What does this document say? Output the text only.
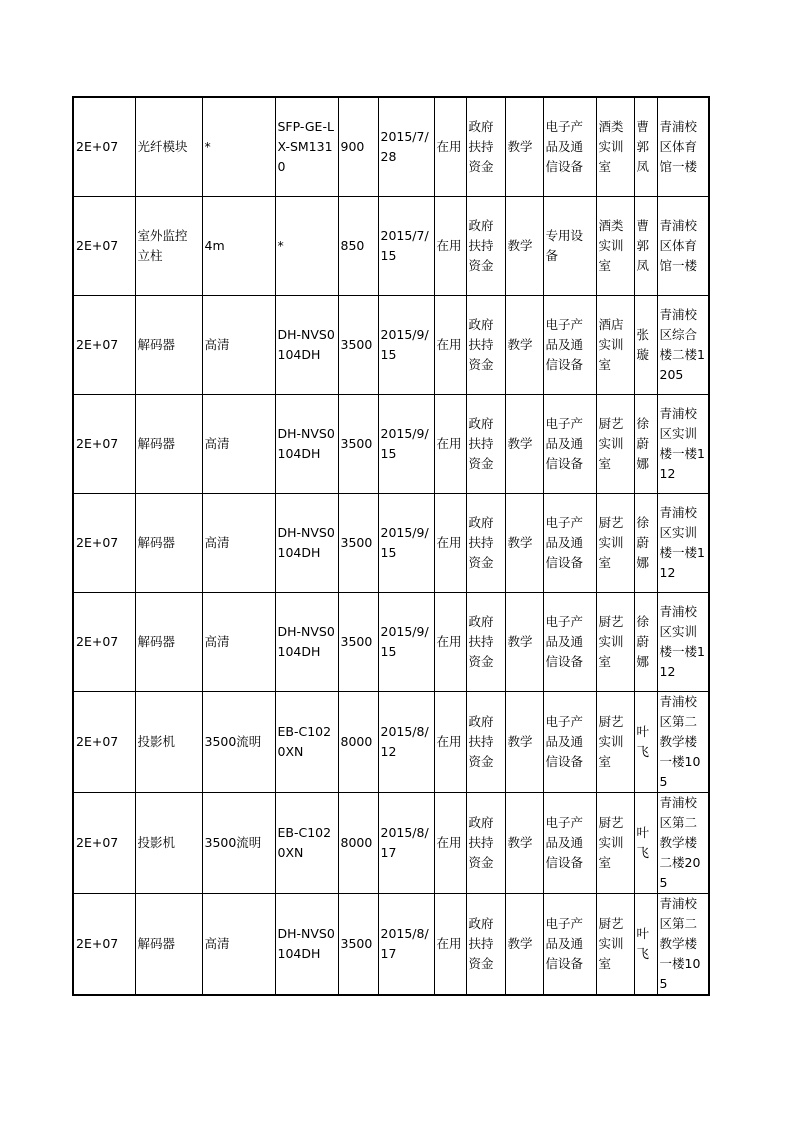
2E+07	光纤模块	*	SFP-GE-LX-SM1310	900	2015/7/28	在用	政府扶持资金	教学	电子产品及通信设备	酒类实训室	曹郭凤	青浦校区体育馆一楼
2E+07	室外监控立柱	4m	*	850	2015/7/15	在用	政府扶持资金	教学	专用设备	酒类实训室	曹郭凤	青浦校区体育馆一楼
2E+07	解码器	高清	DH-NVS0104DH	3500	2015/9/15	在用	政府扶持资金	教学	电子产品及通信设备	酒店实训室	张璇	青浦校区综合楼二楼1205
2E+07	解码器	高清	DH-NVS0104DH	3500	2015/9/15	在用	政府扶持资金	教学	电子产品及通信设备	厨艺实训室	徐蔚娜	青浦校区实训楼一楼112
2E+07	解码器	高清	DH-NVS0104DH	3500	2015/9/15	在用	政府扶持资金	教学	电子产品及通信设备	厨艺实训室	徐蔚娜	青浦校区实训楼一楼112
2E+07	解码器	高清	DH-NVS0104DH	3500	2015/9/15	在用	政府扶持资金	教学	电子产品及通信设备	厨艺实训室	徐蔚娜	青浦校区实训楼一楼112
2E+07	投影机	3500流明	EB-C1020XN	8000	2015/8/12	在用	政府扶持资金	教学	电子产品及通信设备	厨艺实训室	叶飞	青浦校区第二教学楼一楼105
2E+07	投影机	3500流明	EB-C1020XN	8000	2015/8/17	在用	政府扶持资金	教学	电子产品及通信设备	厨艺实训室	叶飞	青浦校区第二教学楼二楼205
2E+07	解码器	高清	DH-NVS0104DH	3500	2015/8/17	在用	政府扶持资金	教学	电子产品及通信设备	厨艺实训室	叶飞	青浦校区第二教学楼一楼105
